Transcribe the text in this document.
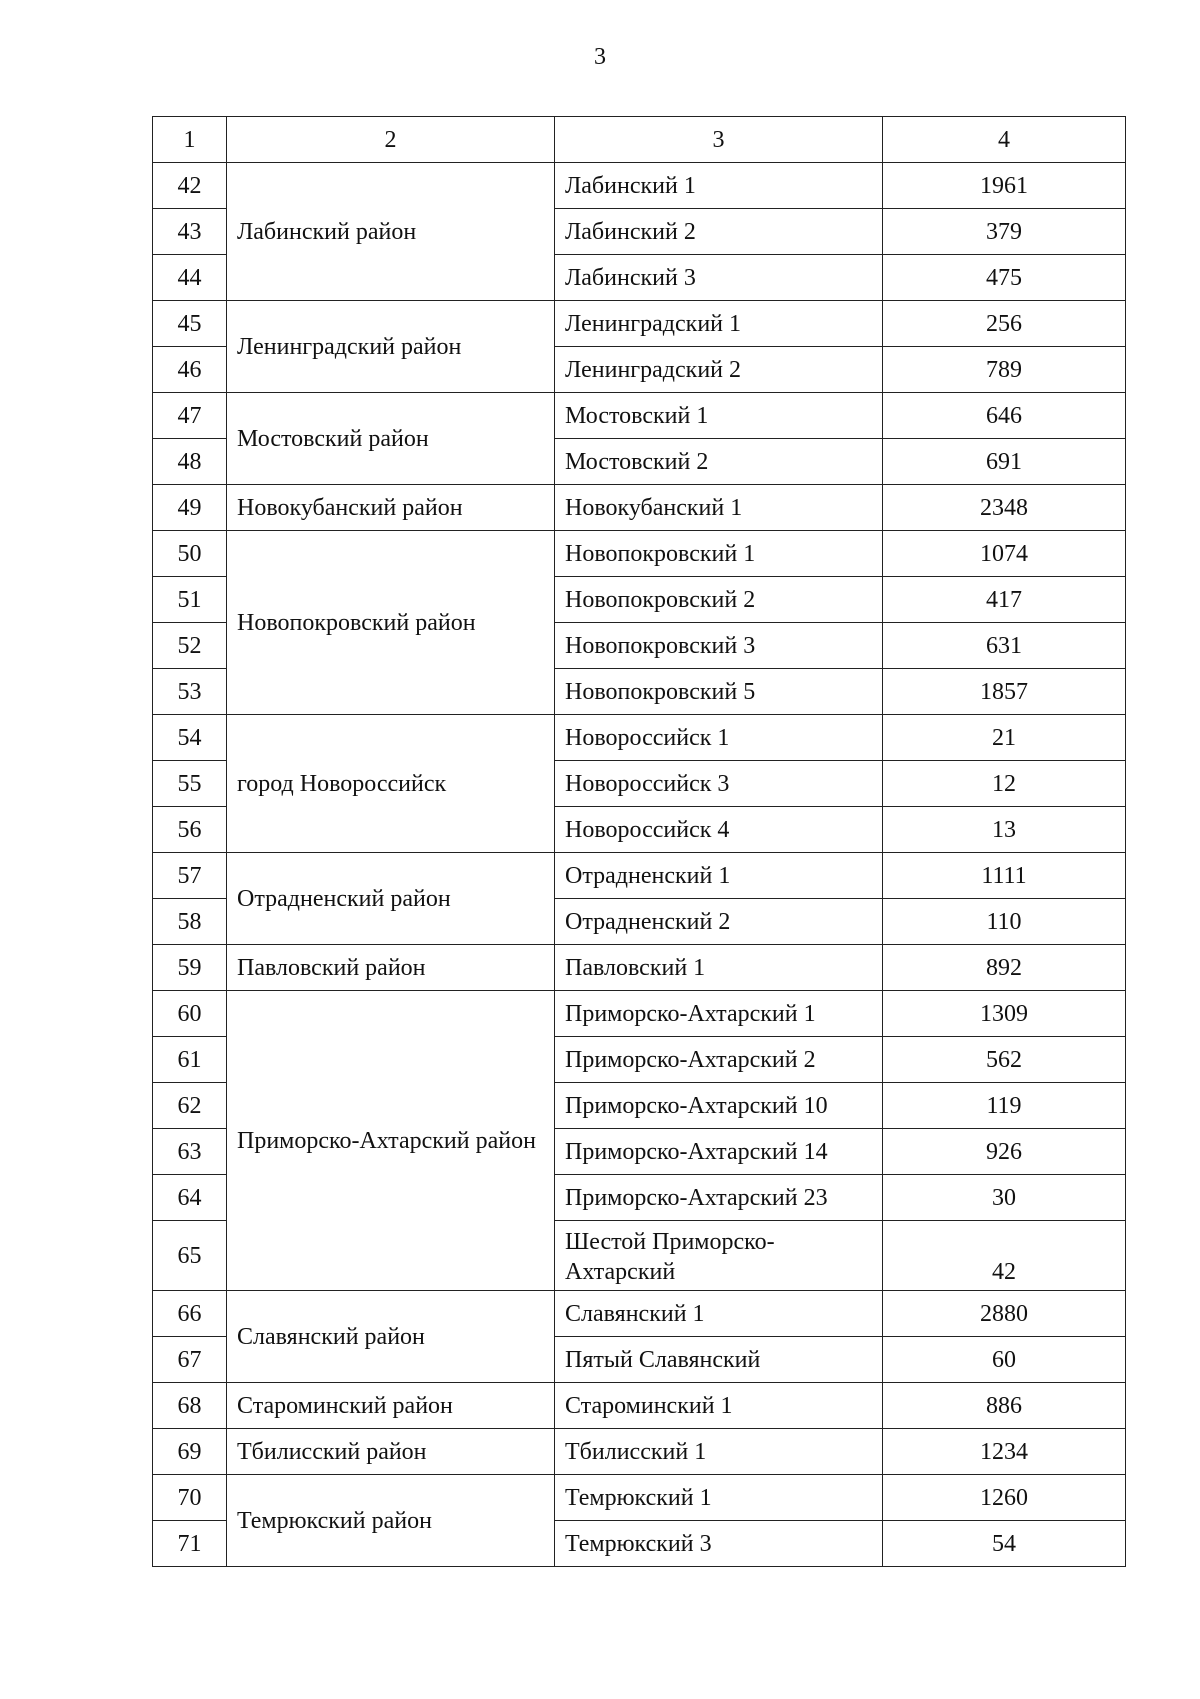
3
1	2	3	4
42	Лабинский район	Лабинский 1	1961
43		Лабинский 2	379
44		Лабинский 3	475
45	Ленинградский район	Ленинградский 1	256
46		Ленинградский 2	789
47	Мостовский район	Мостовский 1	646
48		Мостовский 2	691
49	Новокубанский район	Новокубанский 1	2348
50	Новопокровский район	Новопокровский 1	1074
51		Новопокровский 2	417
52		Новопокровский 3	631
53		Новопокровский 5	1857
54	город Новороссийск	Новороссийск 1	21
55		Новороссийск 3	12
56		Новороссийск 4	13
57	Отрадненский район	Отрадненский 1	1111
58		Отрадненский 2	110
59	Павловский район	Павловский 1	892
60	Приморско-Ахтарский район	Приморско-Ахтарский 1	1309
61		Приморско-Ахтарский 2	562
62		Приморско-Ахтарский 10	119
63		Приморско-Ахтарский 14	926
64		Приморско-Ахтарский 23	30
65		Шестой Приморско-Ахтарский	42
66	Славянский район	Славянский 1	2880
67		Пятый Славянский	60
68	Староминский район	Староминский 1	886
69	Тбилисский район	Тбилисский 1	1234
70	Темрюкский район	Темрюкский 1	1260
71		Темрюкский 3	54
